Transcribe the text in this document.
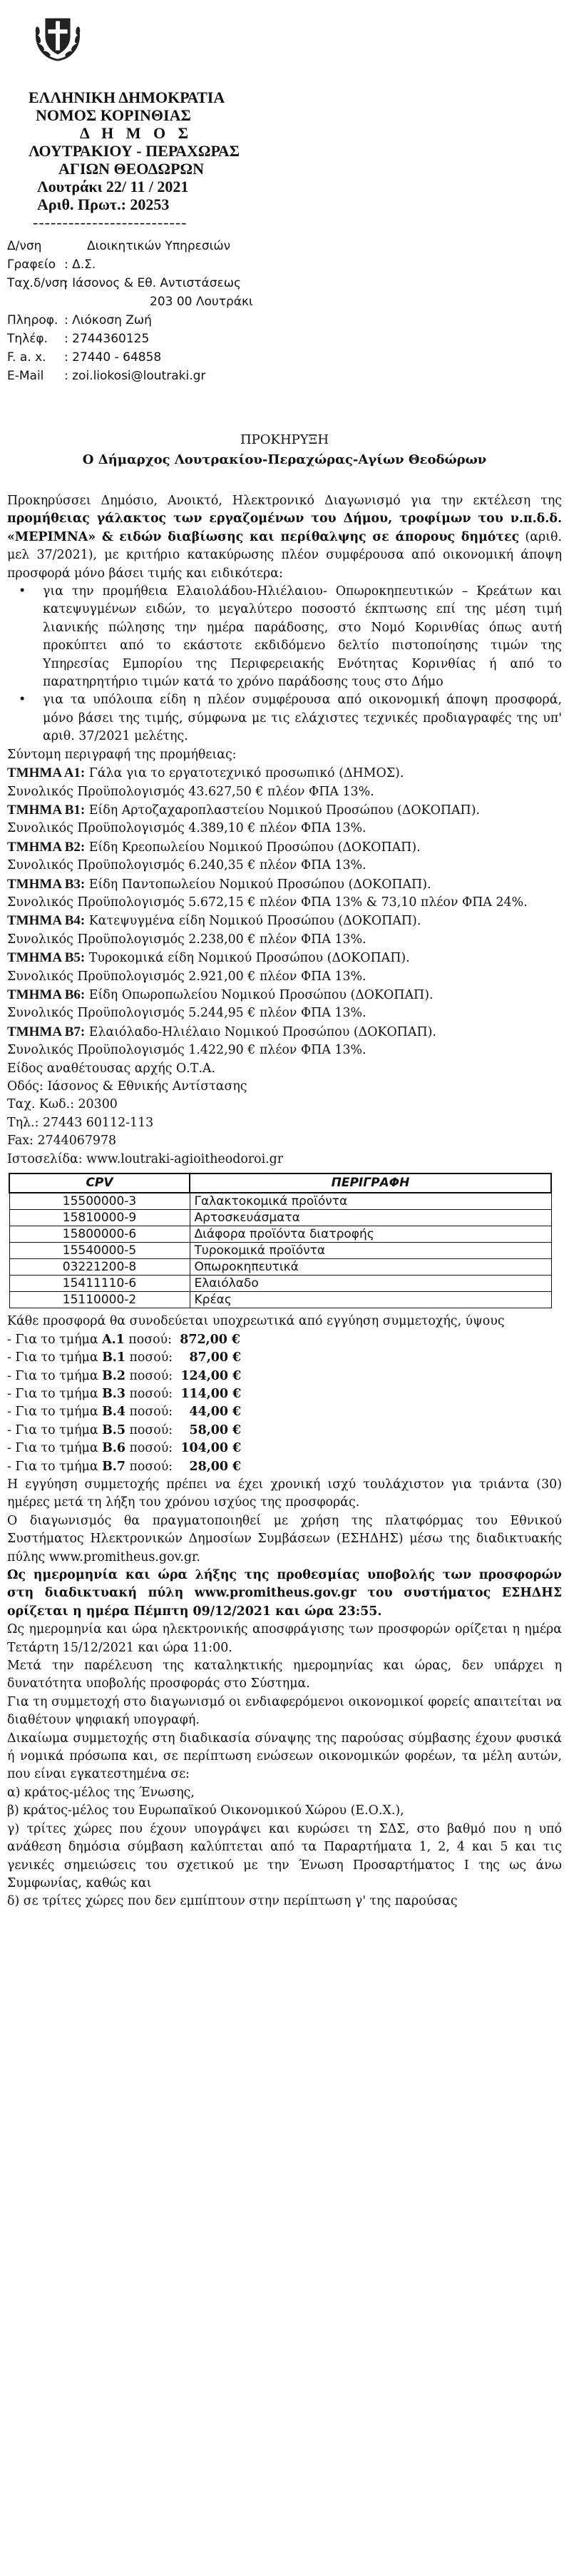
ΕΛΛΗΝΙΚΗ ΔΗΜΟΚΡΑΤΙΑ
ΝΟΜΟΣ ΚΟΡΙΝΘΙΑΣ
Δ Η Μ Ο Σ
ΛΟΥΤΡΑΚΙΟΥ - ΠΕΡΑΧΩΡΑΣ
ΑΓΙΩΝ ΘΕΟΔΩΡΩΝ
Λουτράκι 22/ 11 / 2021
Αριθ. Πρωτ.: 20253
--------------------------
Δ/νση	Διοικητικών Υπηρεσιών
Γραφείο : Δ.Σ.
Ταχ.δ/νση
: Ιάσονος & Εθ. Αντιστάσεως
203 00 Λουτράκι
Πληροφ. : Λιόκοση Ζωή
Τηλέφ. : 2744360125
F. a. x. : 27440 - 64858
E-Mail : zoi.liokosi@loutraki.gr
ΠΡΟΚΗΡΥΞΗ
Ο Δήμαρχος Λουτρακίου-Περαχώρας-Αγίων Θεοδώρων

Προκηρύσσει Δημόσιο, Ανοικτό, Ηλεκτρονικό Διαγωνισμό για την εκτέλεση της προμήθειας γάλακτος των εργαζομένων του Δήμου, τροφίμων του ν.π.δ.δ. «ΜΕΡΙΜΝΑ» & ειδών διαβίωσης και περίθαλψης σε άπορους δημότες (αριθ. μελ 37/2021), με κριτήριο κατακύρωσης πλέον συμφέρουσα από οικονομική άποψη προσφορά μόνο βάσει τιμής και ειδικότερα:

• για την προμήθεια Ελαιολάδου-Ηλιέλαιου- Οπωροκηπευτικών – Κρεάτων και κατεψυγμένων ειδών, το μεγαλύτερο ποσοστό έκπτωσης επί της μέση τιμή λιανικής πώλησης την ημέρα παράδοσης, στο Νομό Κορινθίας όπως αυτή προκύπτει από το εκάστοτε εκδιδόμενο δελτίο πιστοποίησης τιμών της Υπηρεσίας Εμπορίου της Περιφερειακής Ενότητας Κορινθίας ή από το παρατηρητήριο τιμών κατά το χρόνο παράδοσης τους στο Δήμο
• για τα υπόλοιπα είδη η πλέον συμφέρουσα από οικονομική άποψη προσφορά, μόνο βάσει της τιμής, σύμφωνα με τις ελάχιστες τεχνικές προδιαγραφές της υπ' αριθ. 37/2021 μελέτης.

Σύντομη περιγραφή της προμήθειας:

ΤΜΗΜΑ Α1: Γάλα για το εργατοτεχνικό προσωπικό (ΔΗΜΟΣ).

Συνολικός Προϋπολογισμός 43.627,50 € πλέον ΦΠΑ 13%.

ΤΜΗΜΑ Β1: Είδη Αρτοζαχαροπλαστείου Νομικού Προσώπου (ΔΟΚΟΠΑΠ).

Συνολικός Προϋπολογισμός 4.389,10 € πλέον ΦΠΑ 13%.

ΤΜΗΜΑ Β2: Είδη Κρεοπωλείου Νομικού Προσώπου (ΔΟΚΟΠΑΠ).

Συνολικός Προϋπολογισμός 6.240,35 € πλέον ΦΠΑ 13%.

ΤΜΗΜΑ Β3: Είδη Παντοπωλείου Νομικού Προσώπου (ΔΟΚΟΠΑΠ).

Συνολικός Προϋπολογισμός 5.672,15 € πλέον ΦΠΑ 13% & 73,10 πλέον ΦΠΑ 24%.

ΤΜΗΜΑ Β4: Κατεψυγμένα είδη Νομικού Προσώπου (ΔΟΚΟΠΑΠ).

Συνολικός Προϋπολογισμός 2.238,00 € πλέον ΦΠΑ 13%.

ΤΜΗΜΑ Β5: Τυροκομικά είδη Νομικού Προσώπου (ΔΟΚΟΠΑΠ).

Συνολικός Προϋπολογισμός 2.921,00 € πλέον ΦΠΑ 13%.

ΤΜΗΜΑ Β6: Είδη Οπωροπωλείου Νομικού Προσώπου (ΔΟΚΟΠΑΠ).

Συνολικός Προϋπολογισμός 5.244,95 € πλέον ΦΠΑ 13%.

ΤΜΗΜΑ Β7: Ελαιόλαδο-Ηλιέλαιο Νομικού Προσώπου (ΔΟΚΟΠΑΠ).

Συνολικός Προϋπολογισμός 1.422,90 € πλέον ΦΠΑ 13%.

Είδος αναθέτουσας αρχής Ο.Τ.Α.

Οδός: Ιάσονος & Εθνικής Αντίστασης

Ταχ. Κωδ.: 20300

Τηλ.: 27443 60112-113

Fax: 2744067978

Ιστοσελίδα: www.loutraki-agioitheodoroi.gr

CPV	ΠΕΡΙΓΡΑΦΗ
15500000-3	Γαλακτοκομικά προϊόντα
15810000-9	Αρτοσκευάσματα
15800000-6	Διάφορα προϊόντα διατροφής
15540000-5	Τυροκομικά προϊόντα
03221200-8	Οπωροκηπευτικά
15411110-6	Ελαιόλαδο
15110000-2	Κρέας

Κάθε προσφορά θα συνοδεύεται υποχρεωτικά από εγγύηση συμμετοχής, ύψους

- Για το τμήμα Α.1 ποσού: 872,00 €
- Για το τμήμα Β.1 ποσού: 87,00 €
- Για το τμήμα Β.2 ποσού: 124,00 €
- Για το τμήμα Β.3 ποσού: 114,00 €
- Για το τμήμα Β.4 ποσού: 44,00 €
- Για το τμήμα Β.5 ποσού: 58,00 €
- Για το τμήμα Β.6 ποσού: 104,00 €
- Για το τμήμα Β.7 ποσού: 28,00 €

Η εγγύηση συμμετοχής πρέπει να έχει χρονική ισχύ τουλάχιστον για τριάντα (30) ημέρες μετά τη λήξη του χρόνου ισχύος της προσφοράς.

Ο διαγωνισμός θα πραγματοποιηθεί με χρήση της πλατφόρμας του Εθνικού Συστήματος Ηλεκτρονικών Δημοσίων Συμβάσεων (ΕΣΗΔΗΣ) μέσω της διαδικτυακής πύλης www.promitheus.gov.gr.

Ως ημερομηνία και ώρα λήξης της προθεσμίας υποβολής των προσφορών στη διαδικτυακή πύλη www.promitheus.gov.gr του συστήματος ΕΣΗΔΗΣ ορίζεται η ημέρα Πέμπτη 09/12/2021 και ώρα 23:55.

Ως ημερομηνία και ώρα ηλεκτρονικής αποσφράγισης των προσφορών ορίζεται η ημέρα Τετάρτη 15/12/2021 και ώρα 11:00.

Μετά την παρέλευση της καταληκτικής ημερομηνίας και ώρας, δεν υπάρχει η δυνατότητα υποβολής προσφοράς στο Σύστημα.

Για τη συμμετοχή στο διαγωνισμό οι ενδιαφερόμενοι οικονομικοί φορείς απαιτείται να διαθέτουν ψηφιακή υπογραφή.

Δικαίωμα συμμετοχής στη διαδικασία σύναψης της παρούσας σύμβασης έχουν φυσικά ή νομικά πρόσωπα και, σε περίπτωση ενώσεων οικονομικών φορέων, τα μέλη αυτών, που είναι εγκατεστημένα σε:

α) κράτος-μέλος της Ένωσης,

β) κράτος-μέλος του Ευρωπαϊκού Οικονομικού Χώρου (Ε.Ο.Χ.),

γ) τρίτες χώρες που έχουν υπογράψει και κυρώσει τη ΣΔΣ, στο βαθμό που η υπό ανάθεση δημόσια σύμβαση καλύπτεται από τα Παραρτήματα 1, 2, 4 και 5 και τις γενικές σημειώσεις του σχετικού με την Ένωση Προσαρτήματος Ι της ως άνω Συμφωνίας, καθώς και

δ) σε τρίτες χώρες που δεν εμπίπτουν στην περίπτωση γ' της παρούσας
